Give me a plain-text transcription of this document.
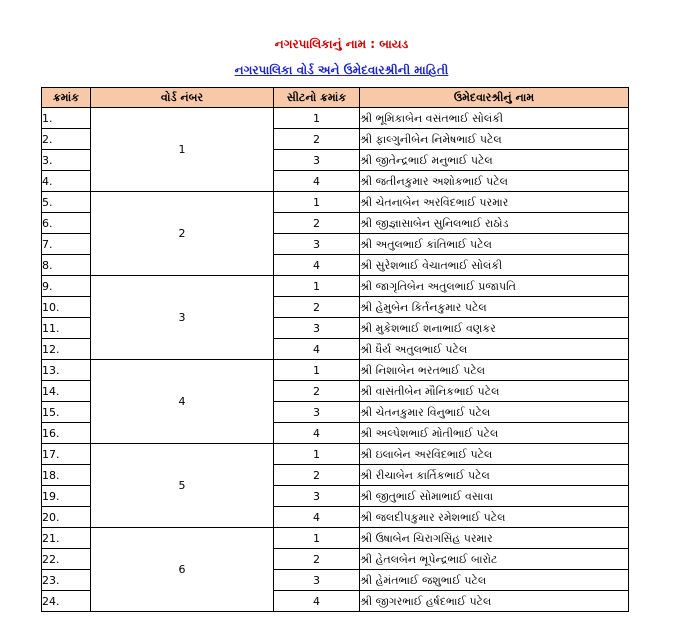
નગરપાલિકાનું નામ : બાયડ
નગરપાલિકા વોર્ડ અને ઉમેદવારશ્રીની માહિતી
ક્રમાંક	વોર્ડ નંબર	સીટનો ક્રમાંક	ઉમેદવારશ્રીનું નામ
1.	1	1	શ્રી ભૂમિકાબેન વસંતભાઈ સોલંકી
2.		2	શ્રી ફાલ્ગુનીબેન નિમેષભાઈ પટેલ
3.		3	શ્રી જીતેન્દ્રભાઈ મનુભાઈ પટેલ
4.		4	શ્રી જતીનકુમાર અશોકભાઈ પટેલ
5.	2	1	શ્રી ચેતનાબેન અરવિંદભાઈ પરમાર
6.		2	શ્રી જીજ્ઞાસાબેન સુનિલભાઈ રાઠોડ
7.		3	શ્રી અતુલભાઈ કાંતિભાઈ પટેલ
8.		4	શ્રી સુરેશભાઈ વેચાતભાઈ સોલંકી
9.	3	1	શ્રી જાગૃતિબેન અતુલભાઈ પ્રજાપતિ
10.		2	શ્રી હેમુબેન કિર્તનકુમાર પટેલ
11.		3	શ્રી મુકેશભાઈ શનાભાઈ વણકર
12.		4	શ્રી ધૈર્ય અતુલભાઈ પટેલ
13.	4	1	શ્રી નિશાબેન ભરતભાઈ પટેલ
14.		2	શ્રી વાસંતીબેન મૌનિકભાઈ પટેલ
15.		3	શ્રી ચેતનકુમાર વિનુભાઈ પટેલ
16.		4	શ્રી અલ્પેશભાઈ મોતીભાઈ પટેલ
17.	5	1	શ્રી ઇલાબેન અરવિંદભાઈ પટેલ
18.		2	શ્રી રીચાબેન કાર્તિકભાઈ પટેલ
19.		3	શ્રી જીતુભાઈ સોમાભાઈ વસાવા
20.		4	શ્રી જલદીપકુમાર રમેશભાઈ પટેલ
21.	6	1	શ્રી ઉષાબેન ચિરાગસિંહ પરમાર
22.		2	શ્રી હેતલબેન ભૂપેન્દ્રભાઈ બારોટ
23.		3	શ્રી હેમંતભાઈ જશુભાઈ પટેલ
24.		4	શ્રી જીગરભાઈ હર્ષદભાઈ પટેલ
